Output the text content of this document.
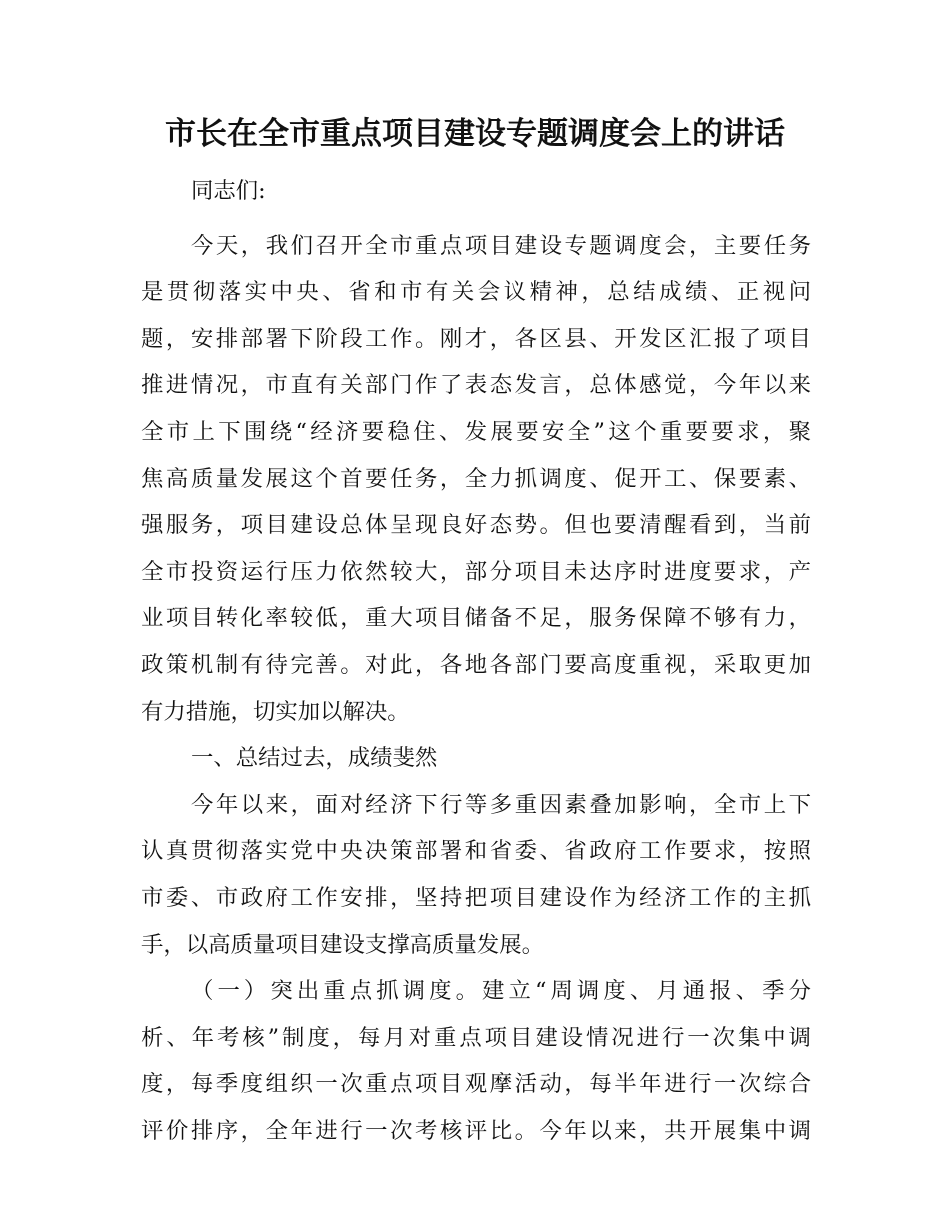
市长在全市重点项目建设专题调度会上的讲话
同志们:
今天，我们召开全市重点项目建设专题调度会，主要任务
是贯彻落实中央、省和市有关会议精神，总结成绩、正视问
题，安排部署下阶段工作。刚才，各区县、开发区汇报了项目
推进情况，市直有关部门作了表态发言，总体感觉，今年以来
全市上下围绕“经济要稳住、发展要安全”这个重要要求，聚
焦高质量发展这个首要任务，全力抓调度、促开工、保要素、
强服务，项目建设总体呈现良好态势。但也要清醒看到，当前
全市投资运行压力依然较大，部分项目未达序时进度要求，产
业项目转化率较低，重大项目储备不足，服务保障不够有力，
政策机制有待完善。对此，各地各部门要高度重视，采取更加
有力措施，切实加以解决。
一、总结过去，成绩斐然
今年以来，面对经济下行等多重因素叠加影响，全市上下
认真贯彻落实党中央决策部署和省委、省政府工作要求，按照
市委、市政府工作安排，坚持把项目建设作为经济工作的主抓
手，以高质量项目建设支撑高质量发展。
（一）突出重点抓调度。建立“周调度、月通报、季分
析、年考核”制度，每月对重点项目建设情况进行一次集中调
度，每季度组织一次重点项目观摩活动，每半年进行一次综合
评价排序，全年进行一次考核评比。今年以来，共开展集中调
